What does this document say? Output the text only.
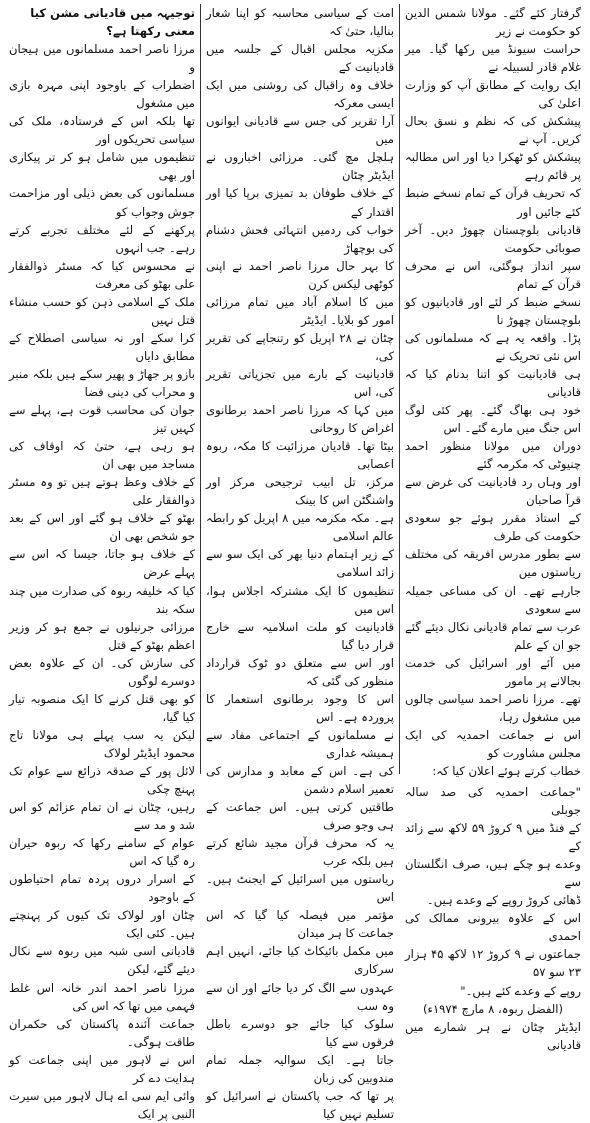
گرفتار کئے گئے۔ مولانا شمس الدین کو حکومت نے زیر

حراست سیونڈ میں رکھا گیا۔ میر غلام قادر لسبیلہ نے

ایک روایت کے مطابق آپ کو وزارت اعلیٰ کی

پیشکش کی کہ نظم و نسق بحال کریں۔ آپ نے

پیشکش کو ٹھکرا دیا اور اس مطالبہ پر قائم رہے

کہ تحریف قرآن کے تمام نسخے ضبط کئے جائیں اور

قادیانی بلوچستان چھوڑ دیں۔ آخر صوبائی حکومت

سپر انداز ہوگئی، اس نے محرف قرآن کے تمام

نسخے ضبط کر لئے اور قادیانیوں کو بلوچستان چھوڑ نا

پڑا۔ واقعہ یہ ہے کہ مسلمانوں کی اس نئی تحریک نے

ہی قادیانیت کو اتنا بدنام کیا کہ قادیانی

خود ہی بھاگ گئے۔ پھر کئی لوگ اس جنگ میں مارے گئے۔ اس

دوران میں مولانا منظور احمد چنیوٹی کہ مکرمہ گئے

اور وہاں رد قادیانیت کی غرض سے قرآ صاحبان

کے استاذ مقرر ہوئے جو سعودی حکومت کی طرف

سے بطور مدرس افریقہ کی مختلف ریاستوں میں

جارہے تھے۔ ان کی مساعی جمیلہ سے سعودی

عرب سے تمام قادیانی نکال دیئے گئے جو ان کے علم

میں آئے اور اسرائیل کی خدمت بجالانے پر مامور

تھے۔ مرزا ناصر احمد سیاسی چالوں میں مشغول رہا،

اس نے جماعت احمدیہ کی ایک مجلس مشاورت کو

خطاب کرتے ہوئے اعلان کیا کہ:

"جماعت احمدیہ کی صد سالہ جوبلی

کے فنڈ میں ۹ کروڑ ۵۹ لاکھ سے زائد کے

وعدے ہو چکے ہیں، صرف انگلستان سے

ڈھائی کروڑ روپے کے وعدے ہیں۔

اس کے علاوہ بیرونی ممالک کی احمدی

جماعتوں نے ۹ کروڑ ۱۲ لاکھ ۴۵ ہزار ۲۳ سو ۵۷

روپے کے وعدے کئے ہیں۔"

(الفضل ربوہ، ۸ مارچ ۱۹۷۴ء)

ایڈیٹر چٹان نے ہر شمارے میں قادیانی

امت کے سیاسی محاسبہ کو اپنا شعار بنالیا، حتیٰ کہ

مکزیہ مجلس اقبال کے جلسہ میں قادیانیت کے

خلاف وہ راقبال کی روشنی میں ایک ایسی معرکہ

آرا تقریر کی جس سے قادیانی ایوانوں میں

ہلچل مچ گئی۔ مرزائی اخباروں نے ایڈیٹر چٹان

کے خلاف طوفان بد تمیزی برپا کیا اور اقتدار کے

خواب کی ردمیں انتہائی فحش دشنام کی بوچھاڑ

کا بہر حال مرزا ناصر احمد نے اپنی کوٹھی لیکس کرن

میں کا اسلام آباد میں تمام مرزائی امور کو بلایا۔ ایڈیٹر

چٹان نے ۲۸ اپریل کو رتنجاپے کی تقریر کی،

قادیانیت کے بارے میں تجزیاتی تقریر کی، اس

میں کہا کہ مرزا ناصر احمد برطانوی اغراض کا روحانی

بیٹا تھا۔ قادیان مرزائیت کا مکہ، ربوہ اعصابی

مرکز، تل ابیب ترجیحی مرکز اور واشنگٹن اس کا بینک

ہے۔ مکہ مکرمہ میں ۸ اپریل کو رابطہ عالم اسلامی

کے زیر اہتمام دنیا بھر کی ایک سو سے زائد اسلامی

تنظیموں کا ایک مشترکہ اجلاس ہوا، اس میں

قادیانیت کو ملت اسلامیہ سے خارج قرار دیا گیا

اور اس سے متعلق دو ٹوک قرارداد منظور کی گئی کہ

اس کا وجود برطانوی استعمار کا پروردہ ہے۔ اس

نے مسلمانوں کے اجتماعی مفاد سے ہمیشہ غداری

کی ہے۔ اس کے معابد و مدارس کی تعمیر اسلام دشمن

طاقتیں کرتی ہیں۔ اس جماعت کے ہی وجو صرف

یہ کہ محرف قرآن مجید شائع کرتے ہیں بلکہ عرب

ریاستوں میں اسرائیل کے ایجنٹ ہیں۔ اس

مؤتمر میں فیصلہ کیا گیا کہ اس جماعت کا ہر میدان

میں مکمل بائیکاٹ کیا جائے، انہیں اہم سرکاری

عہدوں سے الگ کر دیا جائے اور ان سے وہ سب

سلوک کیا جائے جو دوسرے باطل فرقوں سے کیا

جاتا ہے۔ ایک سوالیہ جملہ تمام مندوبین کی زبان

پر تھا کہ جب پاکستان نے اسرائیل کو تسلیم نہیں کیا

توجیہہ میں قادیانی مشن کیا معنی رکھتا ہے؟

مرزا ناصر احمد مسلمانوں میں ہیجان و

اضطراب کے باوجود اپنی مہرہ بازی میں مشغول

تھا بلکہ اس کے فرستادہ، ملک کی سیاسی تحریکوں اور

تنظیموں میں شامل ہو کر تر پیکاری اور بھی

مسلمانوں کی بعض ذیلی اور مزاحمت جوش وجواب کو

پرکھنے کے لئے مختلف تجربے کرتے رہے۔ جب انہوں

نے محسوس کیا کہ مسٹر ذوالفقار علی بھٹو کی معرفت

ملک کے اسلامی ذہن کو حسب منشاء قتل نہیں

کرا سکے اور نہ سیاسی اصطلاح کے مطابق دایاں

بازو پر جھاڑ و پھیر سکے ہیں بلکہ منبر و محراب کی دینی فضا

جوان کی محاسب قوت ہے، پہلے سے کہیں تیز

ہو رہی ہے، حتیٰ کہ اوقاف کی مساجد میں بھی ان

کے خلاف وعظ ہوتے ہیں تو وہ مسٹر ذوالفقار علی

بھٹو کے خلاف ہو گئے اور اس کے بعد جو شخص بھی ان

کے خلاف ہو جاتا، جیسا کہ اس سے پہلے عرض

کیا کہ خلیفہ ربوہ کی صدارت میں چند سکہ بند

مرزائی جرنیلوں نے جمع ہو کر وزیر اعظم بھٹو کے قتل

کی سازش کی۔ ان کے علاوہ بعض دوسرے لوگوں

کو بھی قتل کرنے کا ایک منصوبہ تیار کیا گیا،

لیکن یہ سب پہلے ہی مولانا تاج محمود ایڈیٹر لولاک

لائل پور کے صدقہ ذرائع سے عوام تک پہنچ چکی

رہیں، چٹان نے ان تمام عزائم کو اس شد و مد سے

عوام کے سامنے رکھا کہ ربوہ حیران رہ گیا کہ اس

کے اسرار دروں پردہ تمام احتیاطوں کے باوجود

چٹان اور لولاک تک کیوں کر پہنچتے ہیں۔ کئی ایک

قادیانی اسی شبہ میں ربوہ سے نکال دیئے گئے، لیکن

مرزا ناصر احمد اندر خانہ اس غلط فہمی میں تھا کہ اس کی

جماعت آئندہ پاکستان کی حکمران طاقت ہوگی۔

اس نے لاہور میں اپنی جماعت کو ہدایت دے کر

وائی ایم سی اے ہال لاہور میں سیرت النبی پر ایک
